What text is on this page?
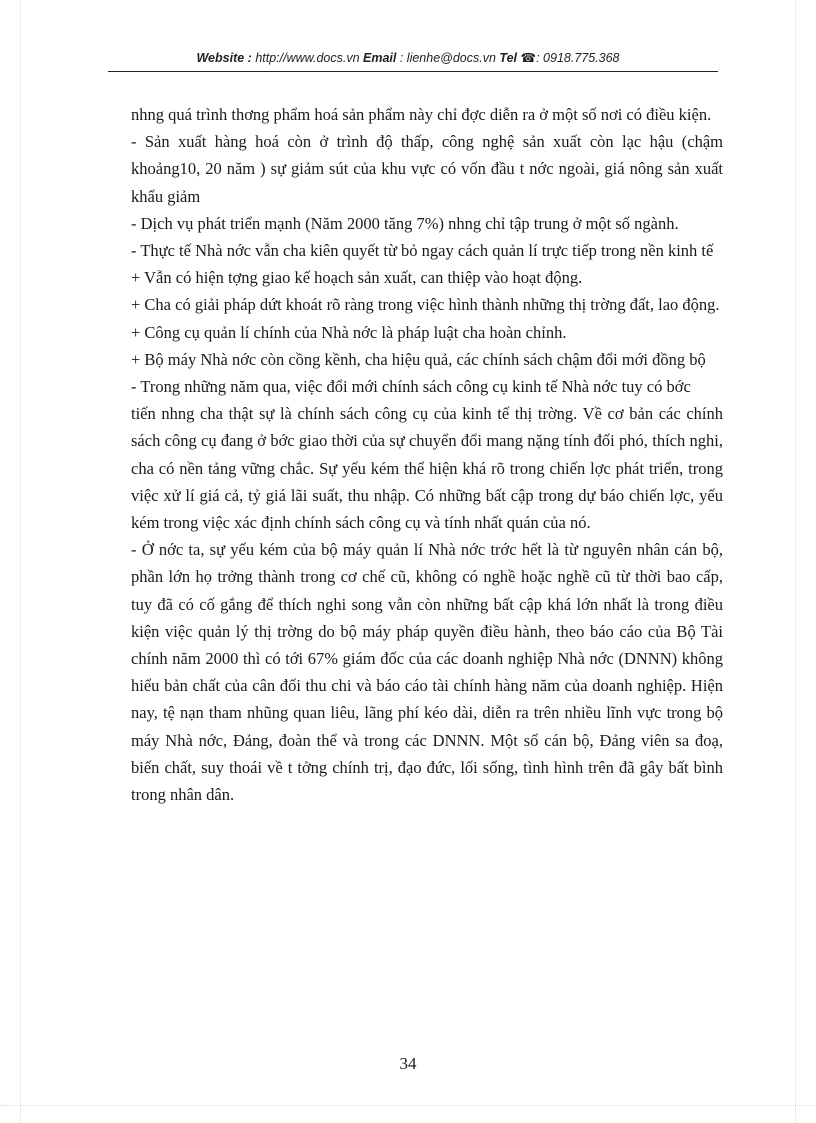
Website : http://www.docs.vn Email : lienhe@docs.vn Tel ☎: 0918.775.368

nhng quá trình thơng phẩm hoá sản phẩm này chỉ đợc diễn ra ở một số nơi có điều kiện.

- Sản xuất hàng hoá còn ở trình độ thấp, công nghệ sản xuất còn lạc hậu (chậm khoảng10, 20 năm ) sự giảm sút của khu vực có vốn đầu t nớc ngoài, giá nông sản xuất khẩu giảm

- Dịch vụ phát triển mạnh (Năm 2000 tăng 7%) nhng chỉ tập trung ở một số ngành.

- Thực tế Nhà nớc vẫn cha kiên quyết từ bỏ ngay cách quản lí trực tiếp trong nền kinh tế

+ Vẫn có hiện tợng giao kế hoạch sản xuất, can thiệp vào hoạt động.

+ Cha có giải pháp dứt khoát rõ ràng trong việc hình thành những thị trờng đất, lao động.

+ Công cụ quản lí chính của Nhà nớc là pháp luật cha hoàn chỉnh.

+ Bộ máy Nhà nớc còn cồng kềnh, cha hiệu quả, các chính sách chậm đổi mới đồng bộ

- Trong những năm qua, việc đổi mới chính sách công cụ kinh tế Nhà nớc tuy có bớc

tiến nhng cha thật sự là chính sách công cụ của kinh tế thị trờng. Về cơ bản các chính sách công cụ đang ở bớc giao thời của sự chuyển đổi mang nặng tính đối phó, thích nghi, cha có nền tảng vững chắc. Sự yếu kém thể hiện khá rõ trong chiến lợc phát triển, trong việc xử lí giá cả, tỷ giá lãi suất, thu nhập. Có những bất cập trong dự báo chiến lợc, yếu kém trong việc xác định chính sách công cụ và tính nhất quán của nó.

- Ở nớc ta, sự yếu kém của bộ máy quản lí Nhà nớc trớc hết là từ nguyên nhân cán bộ, phần lớn họ trởng thành trong cơ chế cũ, không có nghề hoặc nghề cũ từ thời bao cấp, tuy đã có cố gắng để thích nghi song vẫn còn những bất cập khá lớn nhất là trong điều kiện việc quản lý thị trờng do bộ máy pháp quyền điều hành, theo báo cáo của Bộ Tài chính năm 2000 thì có tới 67% giám đốc của các doanh nghiệp Nhà nớc (DNNN) không hiểu bản chất của cân đối thu chi và báo cáo tài chính hàng năm của doanh nghiệp. Hiện nay, tệ nạn tham nhũng quan liêu, lãng phí kéo dài, diễn ra trên nhiều lĩnh vực trong bộ máy Nhà nớc, Đảng, đoàn thể và trong các DNNN. Một số cán bộ, Đảng viên sa đoạ, biến chất, suy thoái về t tởng chính trị, đạo đức, lối sống, tình hình trên đã gây bất bình trong nhân dân.

34
